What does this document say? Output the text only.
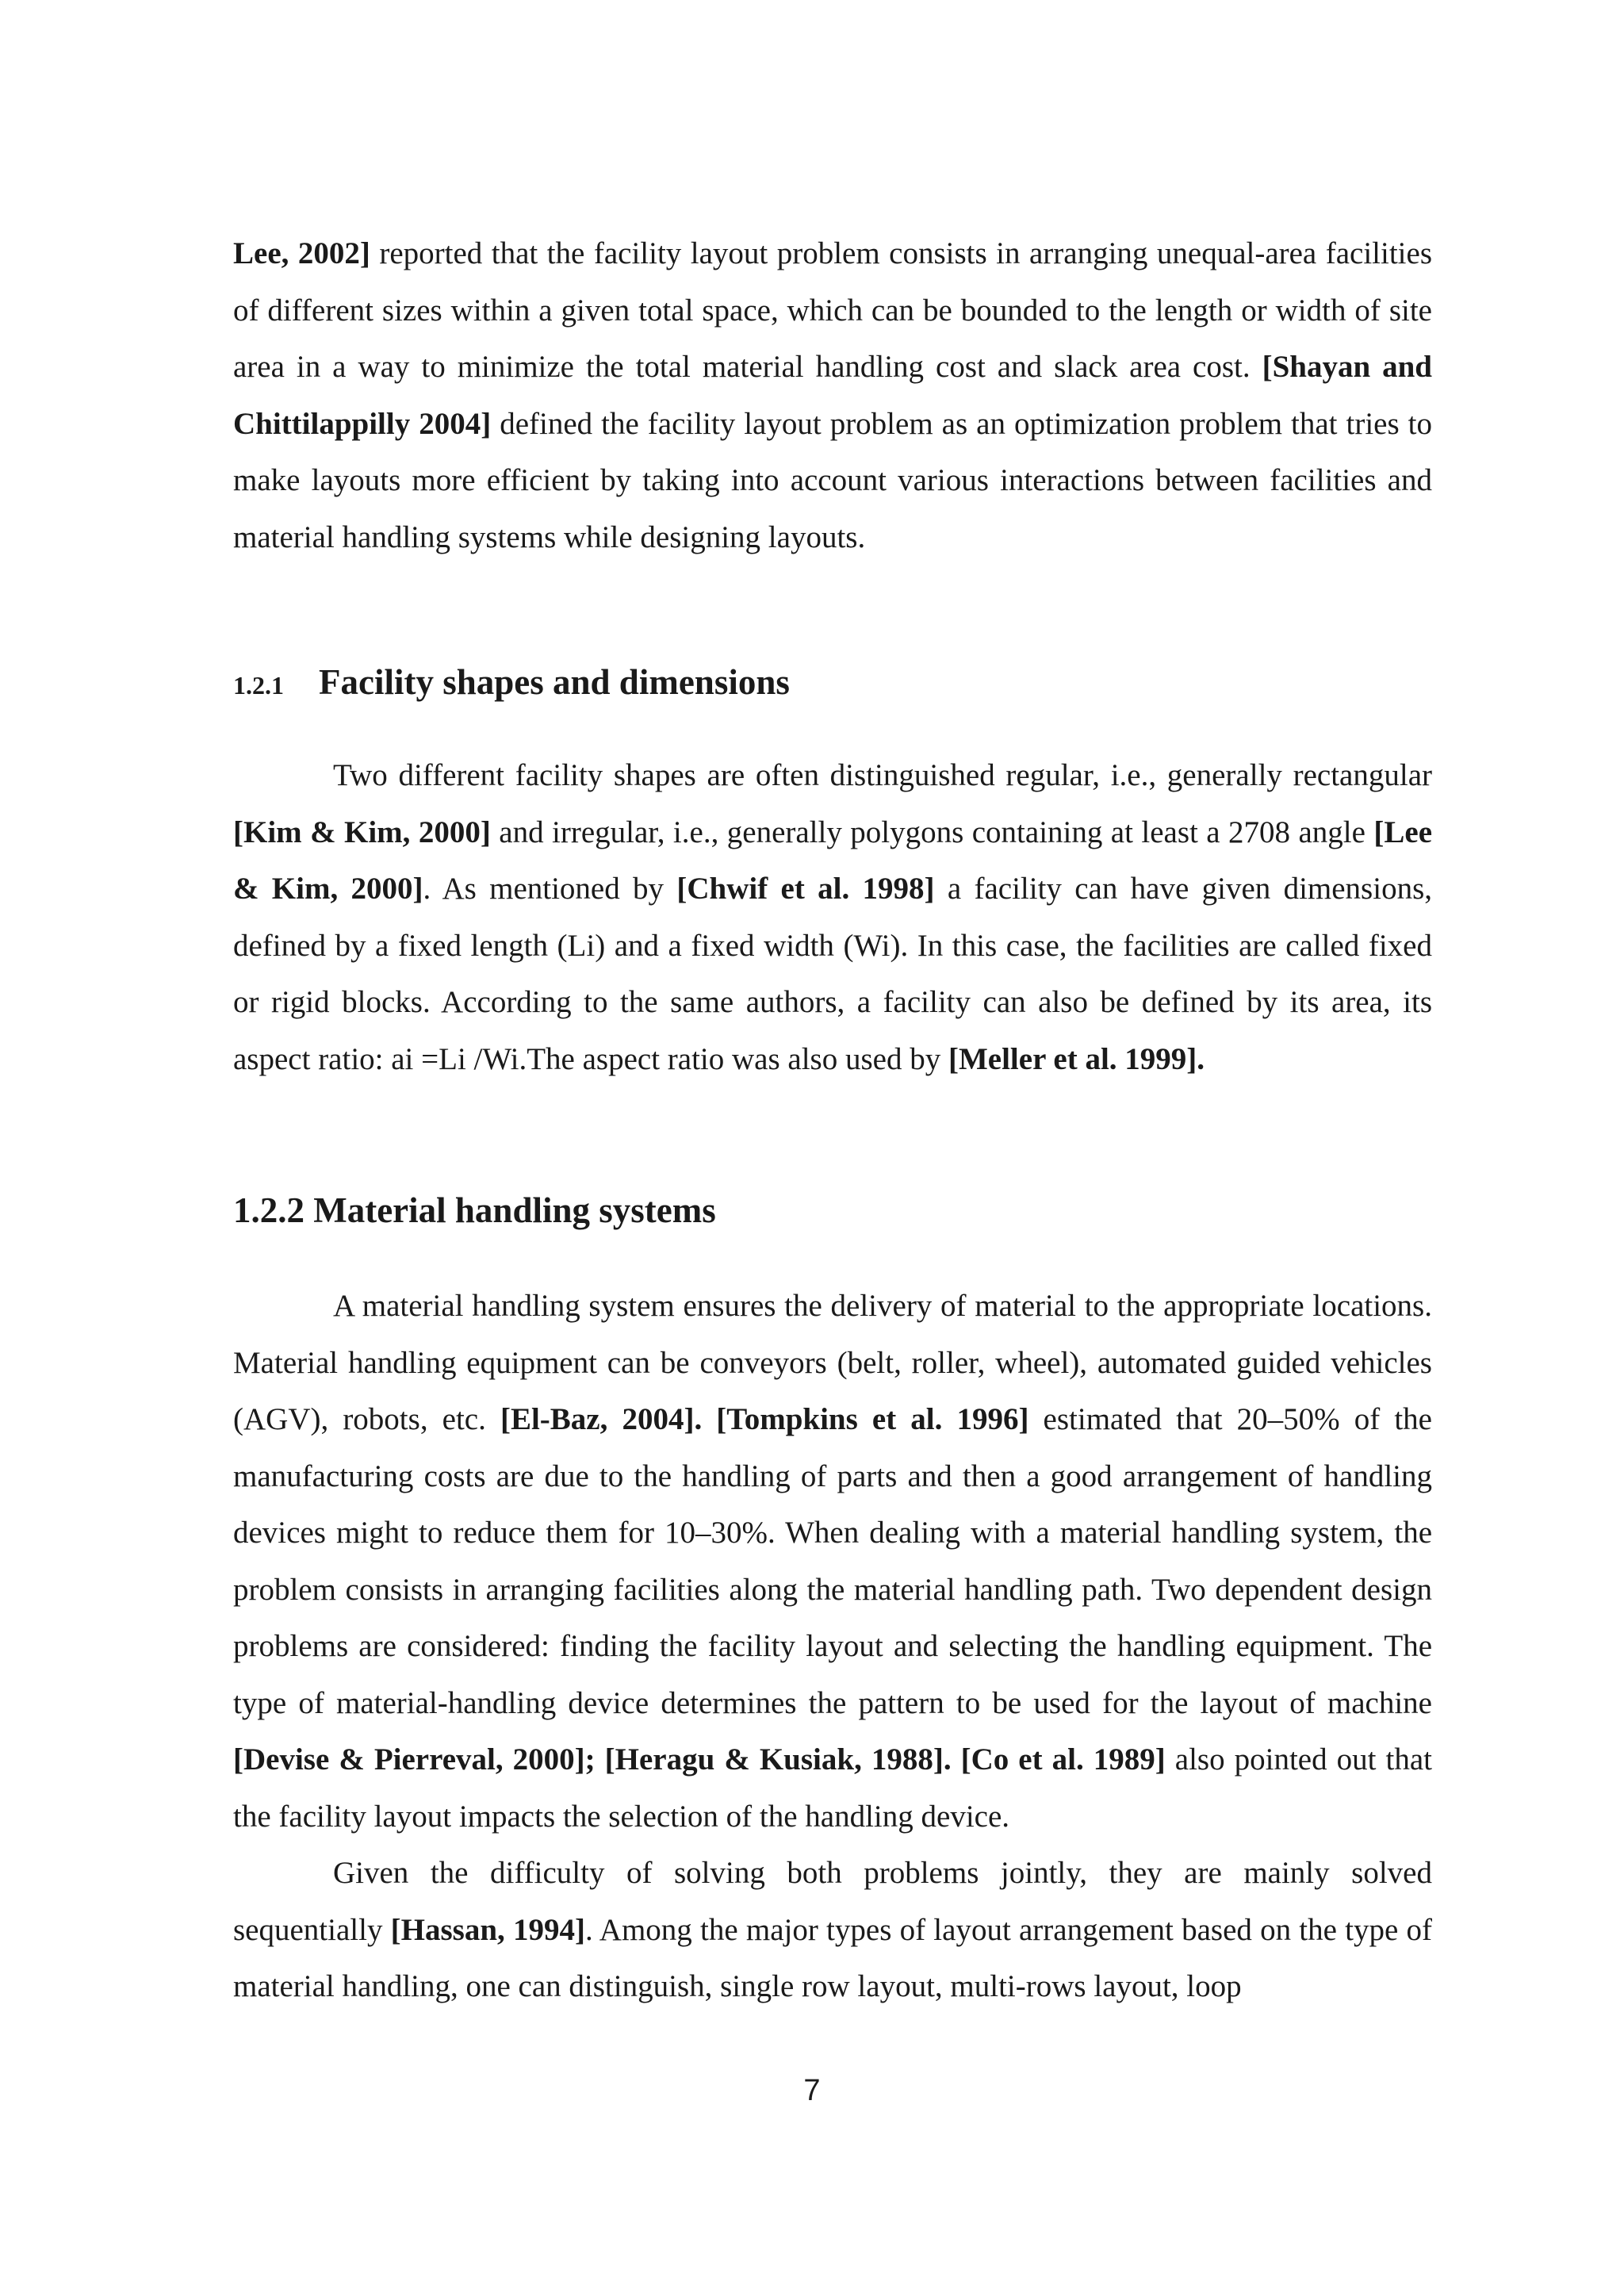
Lee, 2002] reported that the facility layout problem consists in arranging unequal-area facilities of different sizes within a given total space, which can be bounded to the length or width of site area in a way to minimize the total material handling cost and slack area cost. [Shayan and Chittilappilly 2004] defined the facility layout problem as an optimization problem that tries to make layouts more efficient by taking into account various interactions between facilities and material handling systems while designing layouts.

1.2.1 Facility shapes and dimensions

Two different facility shapes are often distinguished regular, i.e., generally rectangular [Kim & Kim, 2000] and irregular, i.e., generally polygons containing at least a 2708 angle [Lee & Kim, 2000]. As mentioned by [Chwif et al. 1998] a facility can have given dimensions, defined by a fixed length (Li) and a fixed width (Wi). In this case, the facilities are called fixed or rigid blocks. According to the same authors, a facility can also be defined by its area, its aspect ratio: ai =Li /Wi.The aspect ratio was also used by [Meller et al. 1999].

1.2.2 Material handling systems

A material handling system ensures the delivery of material to the appropriate locations. Material handling equipment can be conveyors (belt, roller, wheel), automated guided vehicles (AGV), robots, etc. [El-Baz, 2004]. [Tompkins et al. 1996] estimated that 20–50% of the manufacturing costs are due to the handling of parts and then a good arrangement of handling devices might to reduce them for 10–30%. When dealing with a material handling system, the problem consists in arranging facilities along the material handling path. Two dependent design problems are considered: finding the facility layout and selecting the handling equipment. The type of material-handling device determines the pattern to be used for the layout of machine [Devise & Pierreval, 2000]; [Heragu & Kusiak, 1988]. [Co et al. 1989] also pointed out that the facility layout impacts the selection of the handling device.

Given the difficulty of solving both problems jointly, they are mainly solved sequentially [Hassan, 1994]. Among the major types of layout arrangement based on the type of material handling, one can distinguish, single row layout, multi-rows layout, loop

7
